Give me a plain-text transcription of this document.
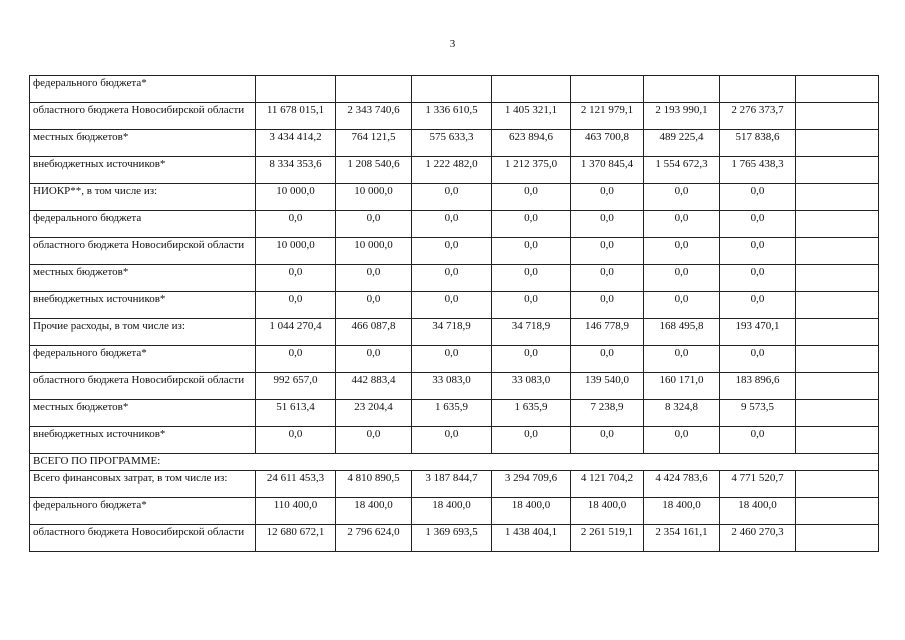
3
федерального бюджета*								
областного бюджета Новосибирской области	11 678 015,1	2 343 740,6	1 336 610,5	1 405 321,1	2 121 979,1	2 193 990,1	2 276 373,7	
местных бюджетов*	3 434 414,2	764 121,5	575 633,3	623 894,6	463 700,8	489 225,4	517 838,6	
внебюджетных источников*	8 334 353,6	1 208 540,6	1 222 482,0	1 212 375,0	1 370 845,4	1 554 672,3	1 765 438,3	
НИОКР**, в том числе из:	10 000,0	10 000,0	0,0	0,0	0,0	0,0	0,0	
федерального бюджета	0,0	0,0	0,0	0,0	0,0	0,0	0,0	
областного бюджета Новосибирской области	10 000,0	10 000,0	0,0	0,0	0,0	0,0	0,0	
местных бюджетов*	0,0	0,0	0,0	0,0	0,0	0,0	0,0	
внебюджетных источников*	0,0	0,0	0,0	0,0	0,0	0,0	0,0	
Прочие расходы, в том числе из:	1 044 270,4	466 087,8	34 718,9	34 718,9	146 778,9	168 495,8	193 470,1	
федерального бюджета*	0,0	0,0	0,0	0,0	0,0	0,0	0,0	
областного бюджета Новосибирской области	992 657,0	442 883,4	33 083,0	33 083,0	139 540,0	160 171,0	183 896,6	
местных бюджетов*	51 613,4	23 204,4	1 635,9	1 635,9	7 238,9	8 324,8	9 573,5	
внебюджетных источников*	0,0	0,0	0,0	0,0	0,0	0,0	0,0	
ВСЕГО ПО ПРОГРАММЕ:								
Всего финансовых затрат, в том числе из:	24 611 453,3	4 810 890,5	3 187 844,7	3 294 709,6	4 121 704,2	4 424 783,6	4 771 520,7	
федерального бюджета*	110 400,0	18 400,0	18 400,0	18 400,0	18 400,0	18 400,0	18 400,0	
областного бюджета Новосибирской области	12 680 672,1	2 796 624,0	1 369 693,5	1 438 404,1	2 261 519,1	2 354 161,1	2 460 270,3	
